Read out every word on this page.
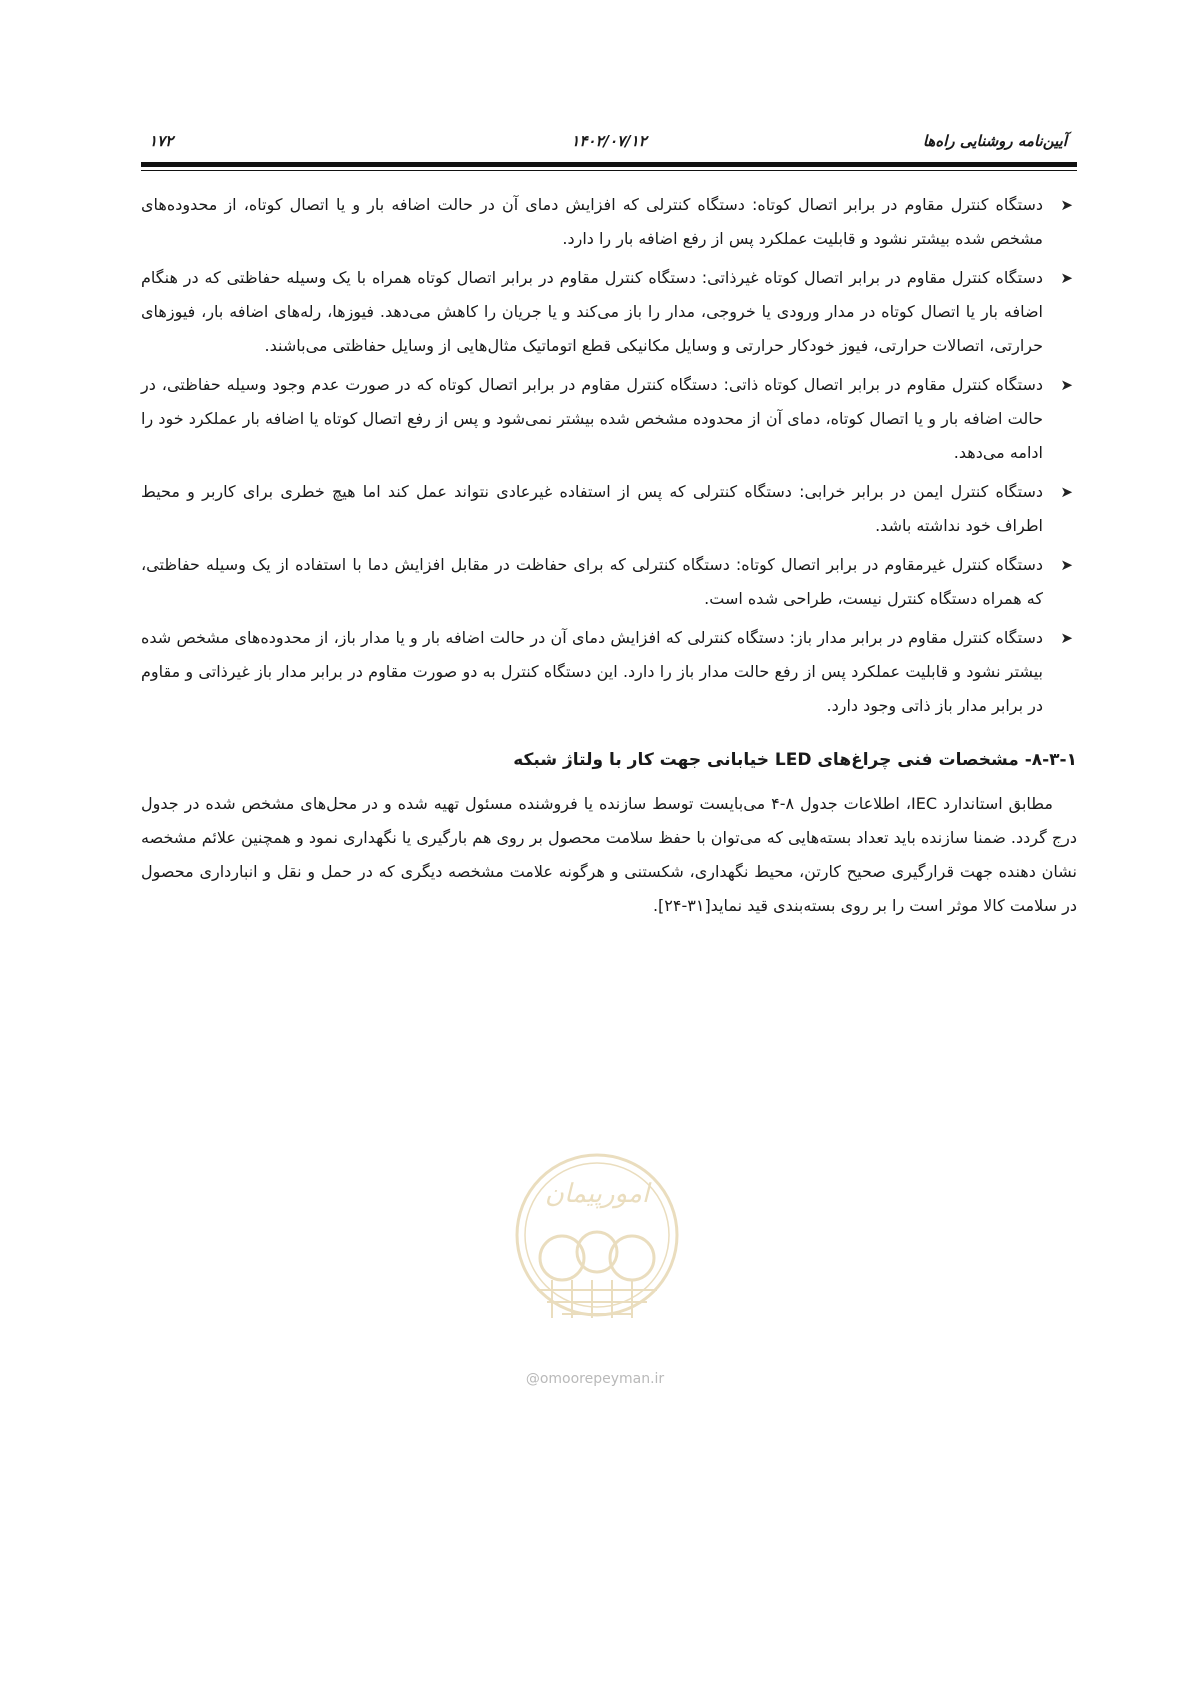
آیین‌نامه روشنایی راه‌ها
۱۴۰۲/۰۷/۱۲
۱۷۲
➤
دستگاه کنترل مقاوم در برابر اتصال کوتاه: دستگاه کنترلی که افزایش دمای آن در حالت اضافه بار و یا اتصال کوتاه، از محدوده‌های مشخص شده بیشتر نشود و قابلیت عملکرد پس از رفع اضافه بار را دارد.
➤
دستگاه کنترل مقاوم در برابر اتصال کوتاه غیرذاتی: دستگاه کنترل مقاوم در برابر اتصال کوتاه همراه با یک وسیله حفاظتی که در هنگام اضافه بار یا اتصال کوتاه در مدار ورودی یا خروجی، مدار را باز می‌کند و یا جریان را کاهش می‌دهد. فیوزها، رله‌های اضافه بار، فیوزهای حرارتی، اتصالات حرارتی، فیوز خودکار حرارتی و وسایل مکانیکی قطع اتوماتیک مثال‌هایی از وسایل حفاظتی می‌باشند.
➤
دستگاه کنترل مقاوم در برابر اتصال کوتاه ذاتی: دستگاه کنترل مقاوم در برابر اتصال کوتاه که در صورت عدم وجود وسیله حفاظتی، در حالت اضافه بار و یا اتصال کوتاه، دمای آن از محدوده مشخص شده بیشتر نمی‌شود و پس از رفع اتصال کوتاه یا اضافه بار عملکرد خود را ادامه می‌دهد.
➤
دستگاه کنترل ایمن در برابر خرابی: دستگاه کنترلی که پس از استفاده غیرعادی نتواند عمل کند اما هیچ خطری برای کاربر و محیط اطراف خود نداشته باشد.
➤
دستگاه کنترل غیرمقاوم در برابر اتصال کوتاه: دستگاه کنترلی که برای حفاظت در مقابل افزایش دما با استفاده از یک وسیله حفاظتی، که همراه دستگاه کنترل نیست، طراحی شده است.
➤
دستگاه کنترل مقاوم در برابر مدار باز: دستگاه کنترلی که افزایش دمای آن در حالت اضافه بار و یا مدار باز، از محدوده‌های مشخص شده بیشتر نشود و قابلیت عملکرد پس از رفع حالت مدار باز را دارد. این دستگاه کنترل به دو صورت مقاوم در برابر مدار باز غیرذاتی و مقاوم در برابر مدار باز ذاتی وجود دارد.
۸-۳-۱- مشخصات فنی چراغ‌های LED خیابانی جهت کار با ولتاژ شبکه

مطابق استاندارد IEC، اطلاعات جدول ۸-۴ می‌بایست توسط سازنده یا فروشنده مسئول تهیه شده و در محل‌های مشخص شده در جدول درج گردد. ضمنا سازنده باید تعداد بسته‌هایی که می‌توان با حفظ سلامت محصول بر روی هم بارگیری یا نگهداری نمود و همچنین علائم مشخصه نشان دهنده جهت قرارگیری صحیح کارتن، محیط نگهداری، شکستنی و هرگونه علامت مشخصه دیگری که در حمل و نقل و انبارداری محصول در سلامت کالا موثر است را بر روی بسته‌بندی قید نماید[۳۱-۲۴].

امورپیمان
@omoorepeyman.ir
